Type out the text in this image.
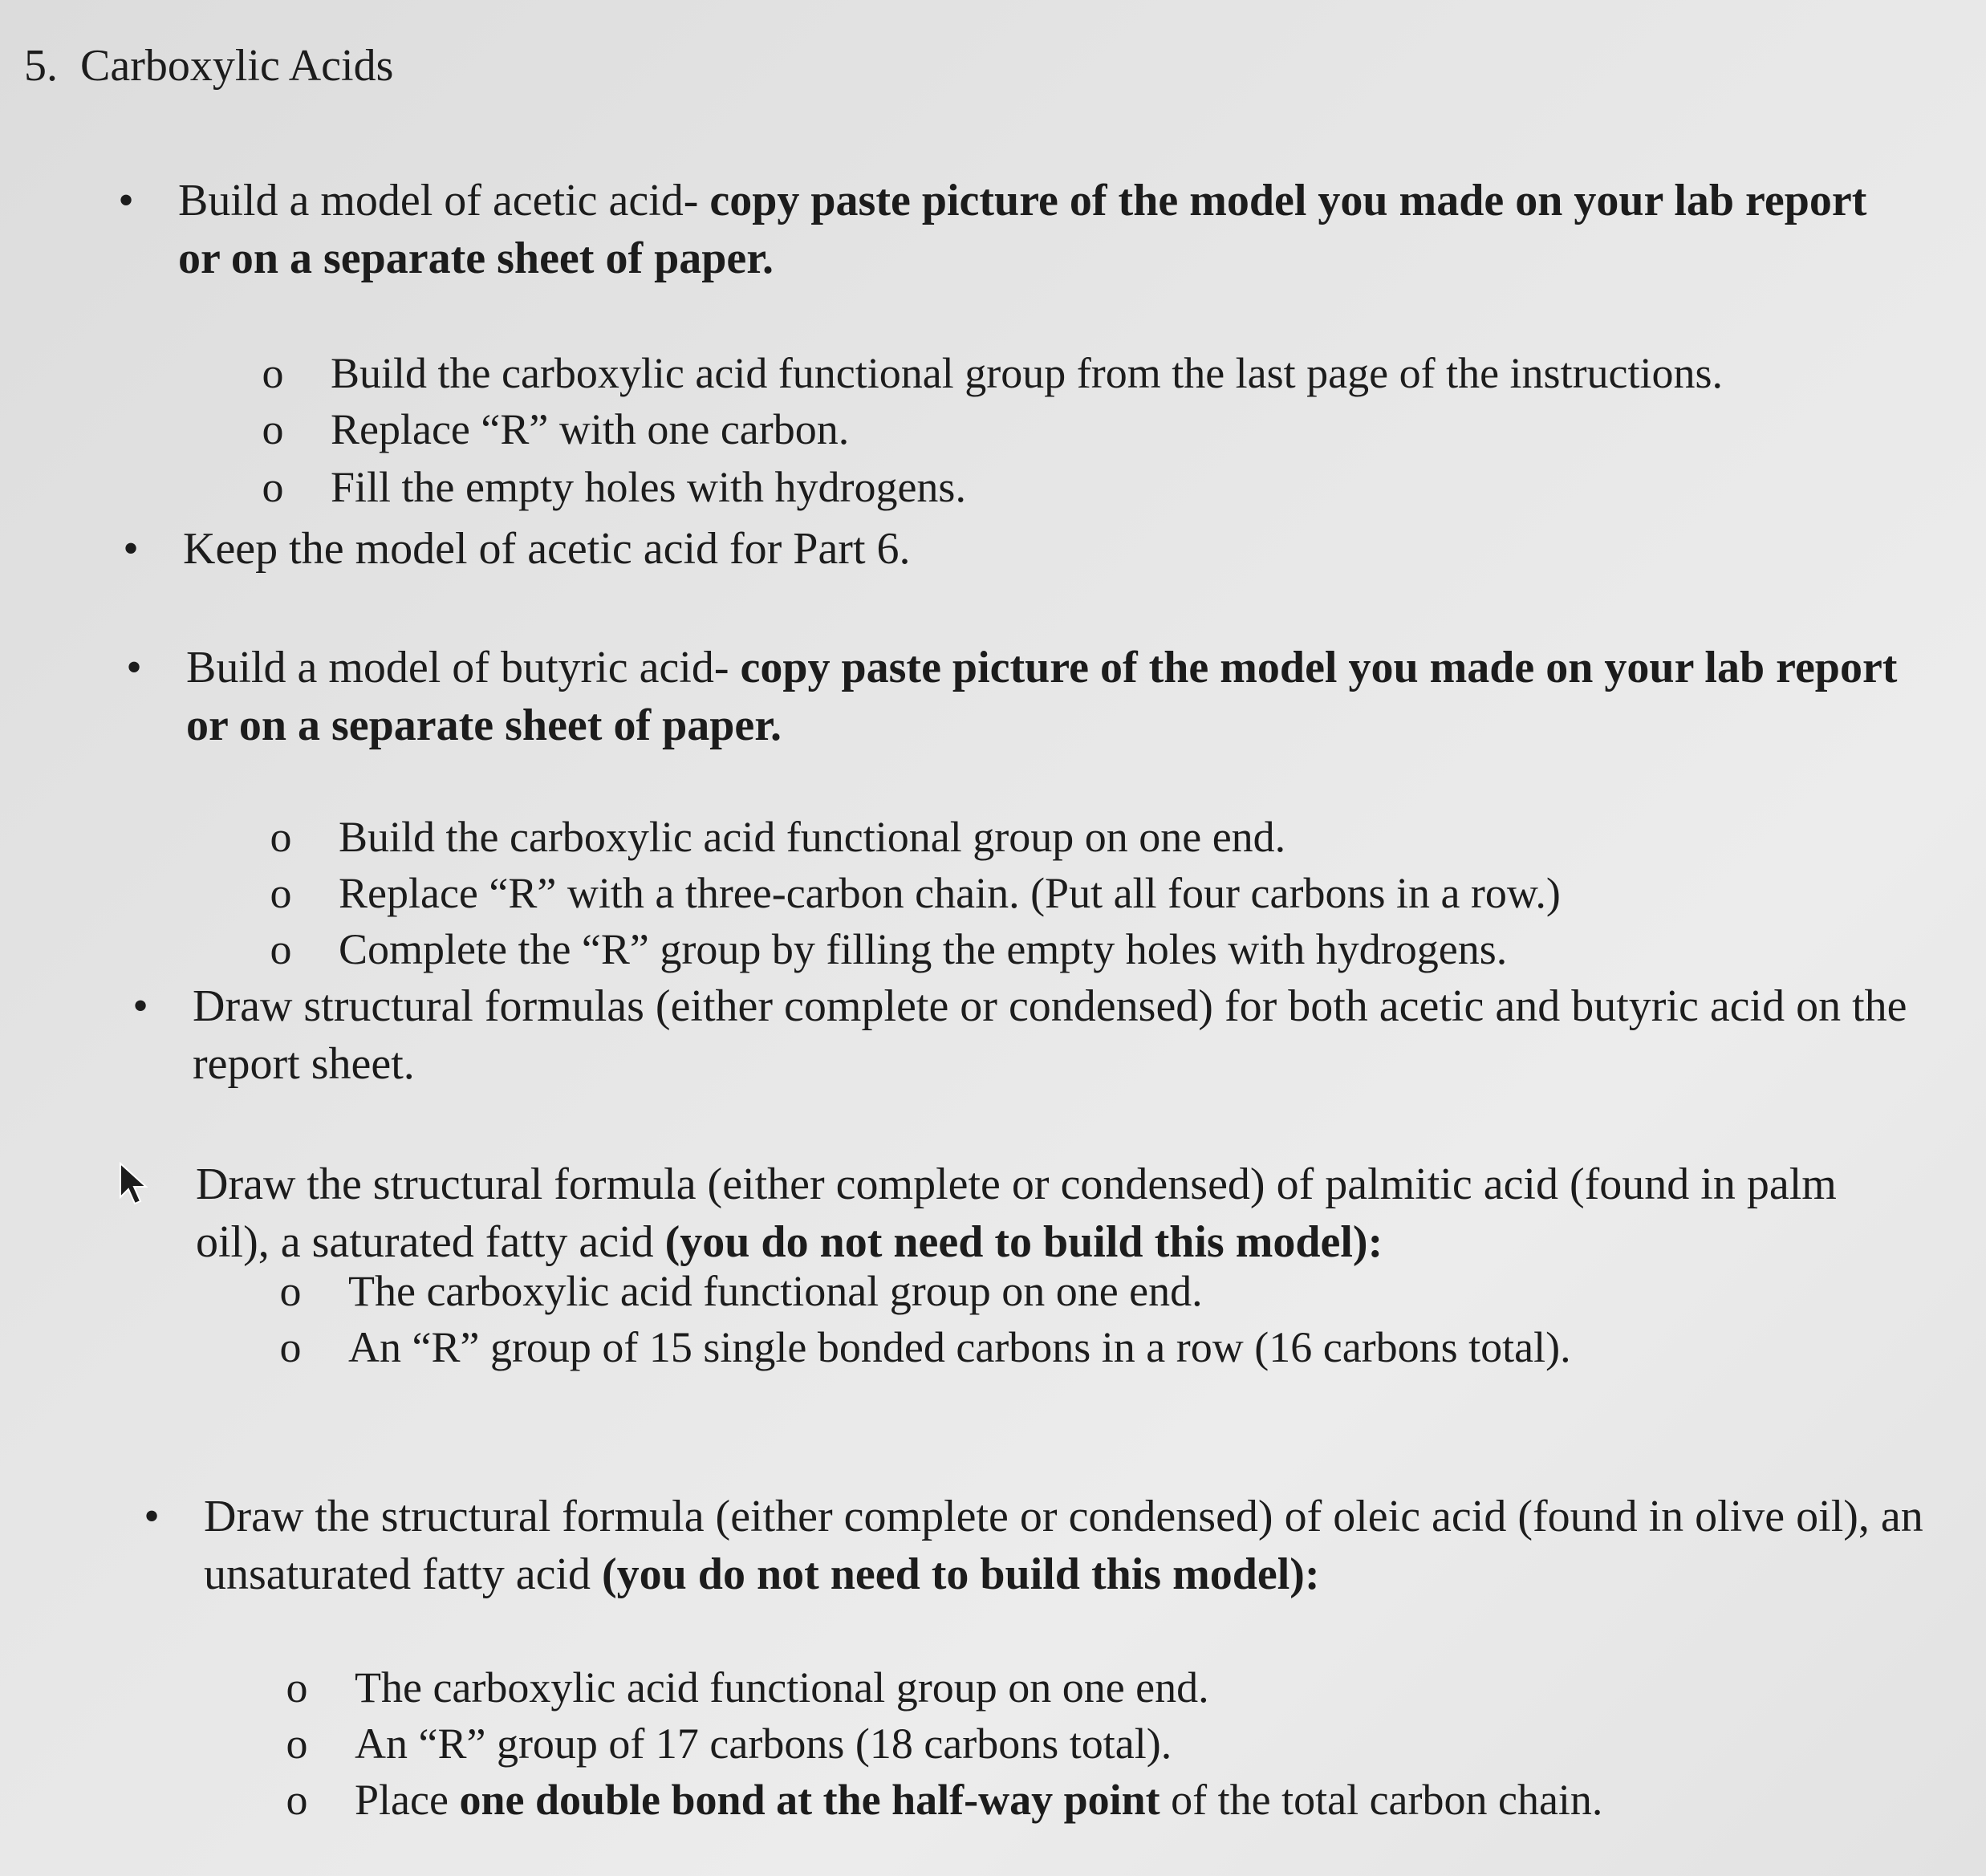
5. Carboxylic Acids
• Build a model of acetic acid- copy paste picture of the model you made on your lab report or on a separate sheet of paper.
o Build the carboxylic acid functional group from the last page of the instructions.
o Replace “R” with one carbon.
o Fill the empty holes with hydrogens.
• Keep the model of acetic acid for Part 6.
• Build a model of butyric acid- copy paste picture of the model you made on your lab report or on a separate sheet of paper.
o Build the carboxylic acid functional group on one end.
o Replace “R” with a three-carbon chain. (Put all four carbons in a row.)
o Complete the “R” group by filling the empty holes with hydrogens.
• Draw structural formulas (either complete or condensed) for both acetic and butyric acid on the report sheet.
Draw the structural formula (either complete or condensed) of palmitic acid (found in palm oil), a saturated fatty acid (you do not need to build this model):
o The carboxylic acid functional group on one end.
o An “R” group of 15 single bonded carbons in a row (16 carbons total).
• Draw the structural formula (either complete or condensed) of oleic acid (found in olive oil), an unsaturated fatty acid (you do not need to build this model):
o The carboxylic acid functional group on one end.
o An “R” group of 17 carbons (18 carbons total).
o Place one double bond at the half-way point of the total carbon chain.
